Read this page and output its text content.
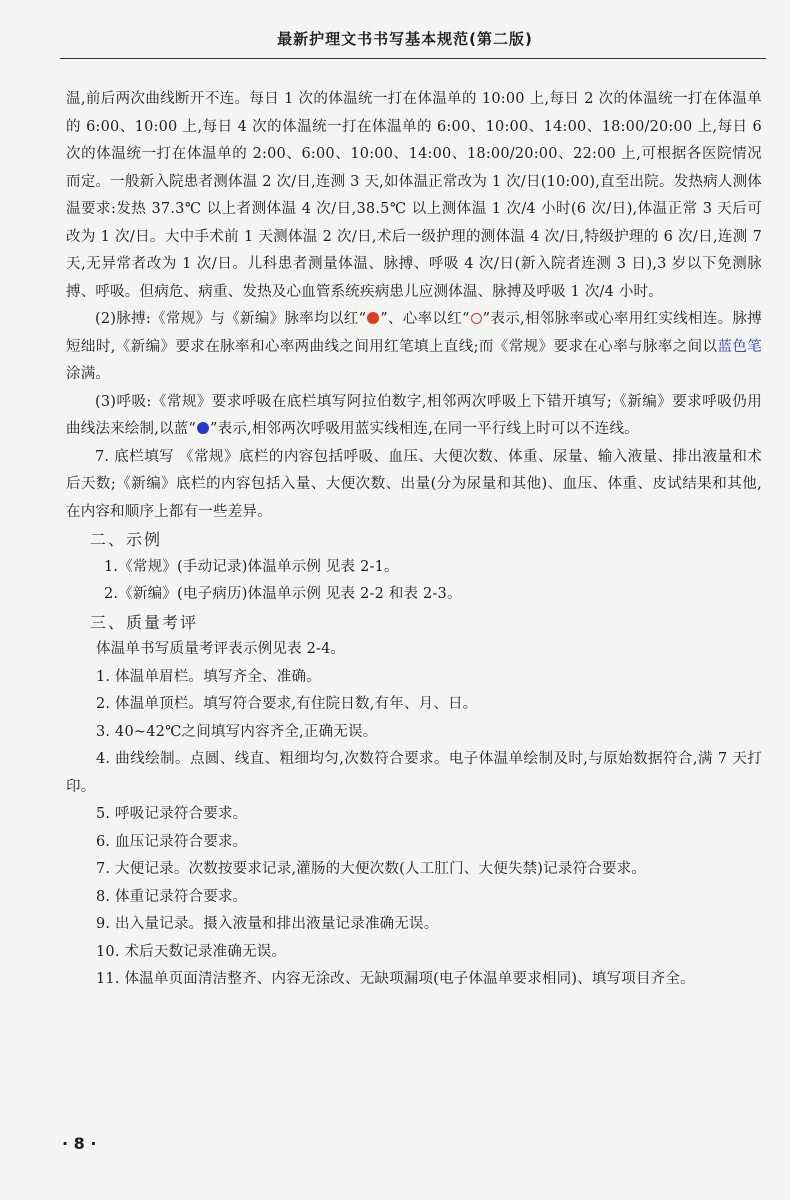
最新护理文书书写基本规范(第二版)

温,前后两次曲线断开不连。每日 1 次的体温统一打在体温单的 10:00 上,每日 2 次的体温统一打在体温单的 6:00、10:00 上,每日 4 次的体温统一打在体温单的 6:00、10:00、14:00、18:00/20:00 上,每日 6 次的体温统一打在体温单的 2:00、6:00、10:00、14:00、18:00/20:00、22:00 上,可根据各医院情况而定。一般新入院患者测体温 2 次/日,连测 3 天,如体温正常改为 1 次/日(10:00),直至出院。发热病人测体温要求:发热 37.3℃ 以上者测体温 4 次/日,38.5℃ 以上测体温 1 次/4 小时(6 次/日),体温正常 3 天后可改为 1 次/日。大中手术前 1 天测体温 2 次/日,术后一级护理的测体温 4 次/日,特级护理的 6 次/日,连测 7 天,无异常者改为 1 次/日。儿科患者测量体温、脉搏、呼吸 4 次/日(新入院者连测 3 日),3 岁以下免测脉搏、呼吸。但病危、病重、发热及心血管系统疾病患儿应测体温、脉搏及呼吸 1 次/4 小时。

(2)脉搏:《常规》与《新编》脉率均以红“ ”、心率以红“ ”表示,相邻脉率或心率用红实线相连。脉搏短绌时,《新编》要求在脉率和心率两曲线之间用红笔填上直线;而《常规》要求在心率与脉率之间以蓝色笔涂满。

(3)呼吸:《常规》要求呼吸在底栏填写阿拉伯数字,相邻两次呼吸上下错开填写;《新编》要求呼吸仍用曲线法来绘制,以蓝“ ”表示,相邻两次呼吸用蓝实线相连,在同一平行线上时可以不连线。

7. 底栏填写 《常规》底栏的内容包括呼吸、血压、大便次数、体重、尿量、输入液量、排出液量和术后天数;《新编》底栏的内容包括入量、大便次数、出量(分为尿量和其他)、血压、体重、皮试结果和其他,在内容和顺序上都有一些差异。

二、示例

1.《常规》(手动记录)体温单示例 见表 2-1。

2.《新编》(电子病历)体温单示例 见表 2-2 和表 2-3。

三、质量考评

体温单书写质量考评表示例见表 2-4。

1. 体温单眉栏。填写齐全、准确。

2. 体温单顶栏。填写符合要求,有住院日数,有年、月、日。

3. 40~42℃之间填写内容齐全,正确无误。

4. 曲线绘制。点圆、线直、粗细均匀,次数符合要求。电子体温单绘制及时,与原始数据符合,满 7 天打印。

5. 呼吸记录符合要求。

6. 血压记录符合要求。

7. 大便记录。次数按要求记录,灌肠的大便次数(人工肛门、大便失禁)记录符合要求。

8. 体重记录符合要求。

9. 出入量记录。摄入液量和排出液量记录准确无误。

10. 术后天数记录准确无误。

11. 体温单页面清洁整齐、内容无涂改、无缺项漏项(电子体温单要求相同)、填写项目齐全。

· 8 ·
